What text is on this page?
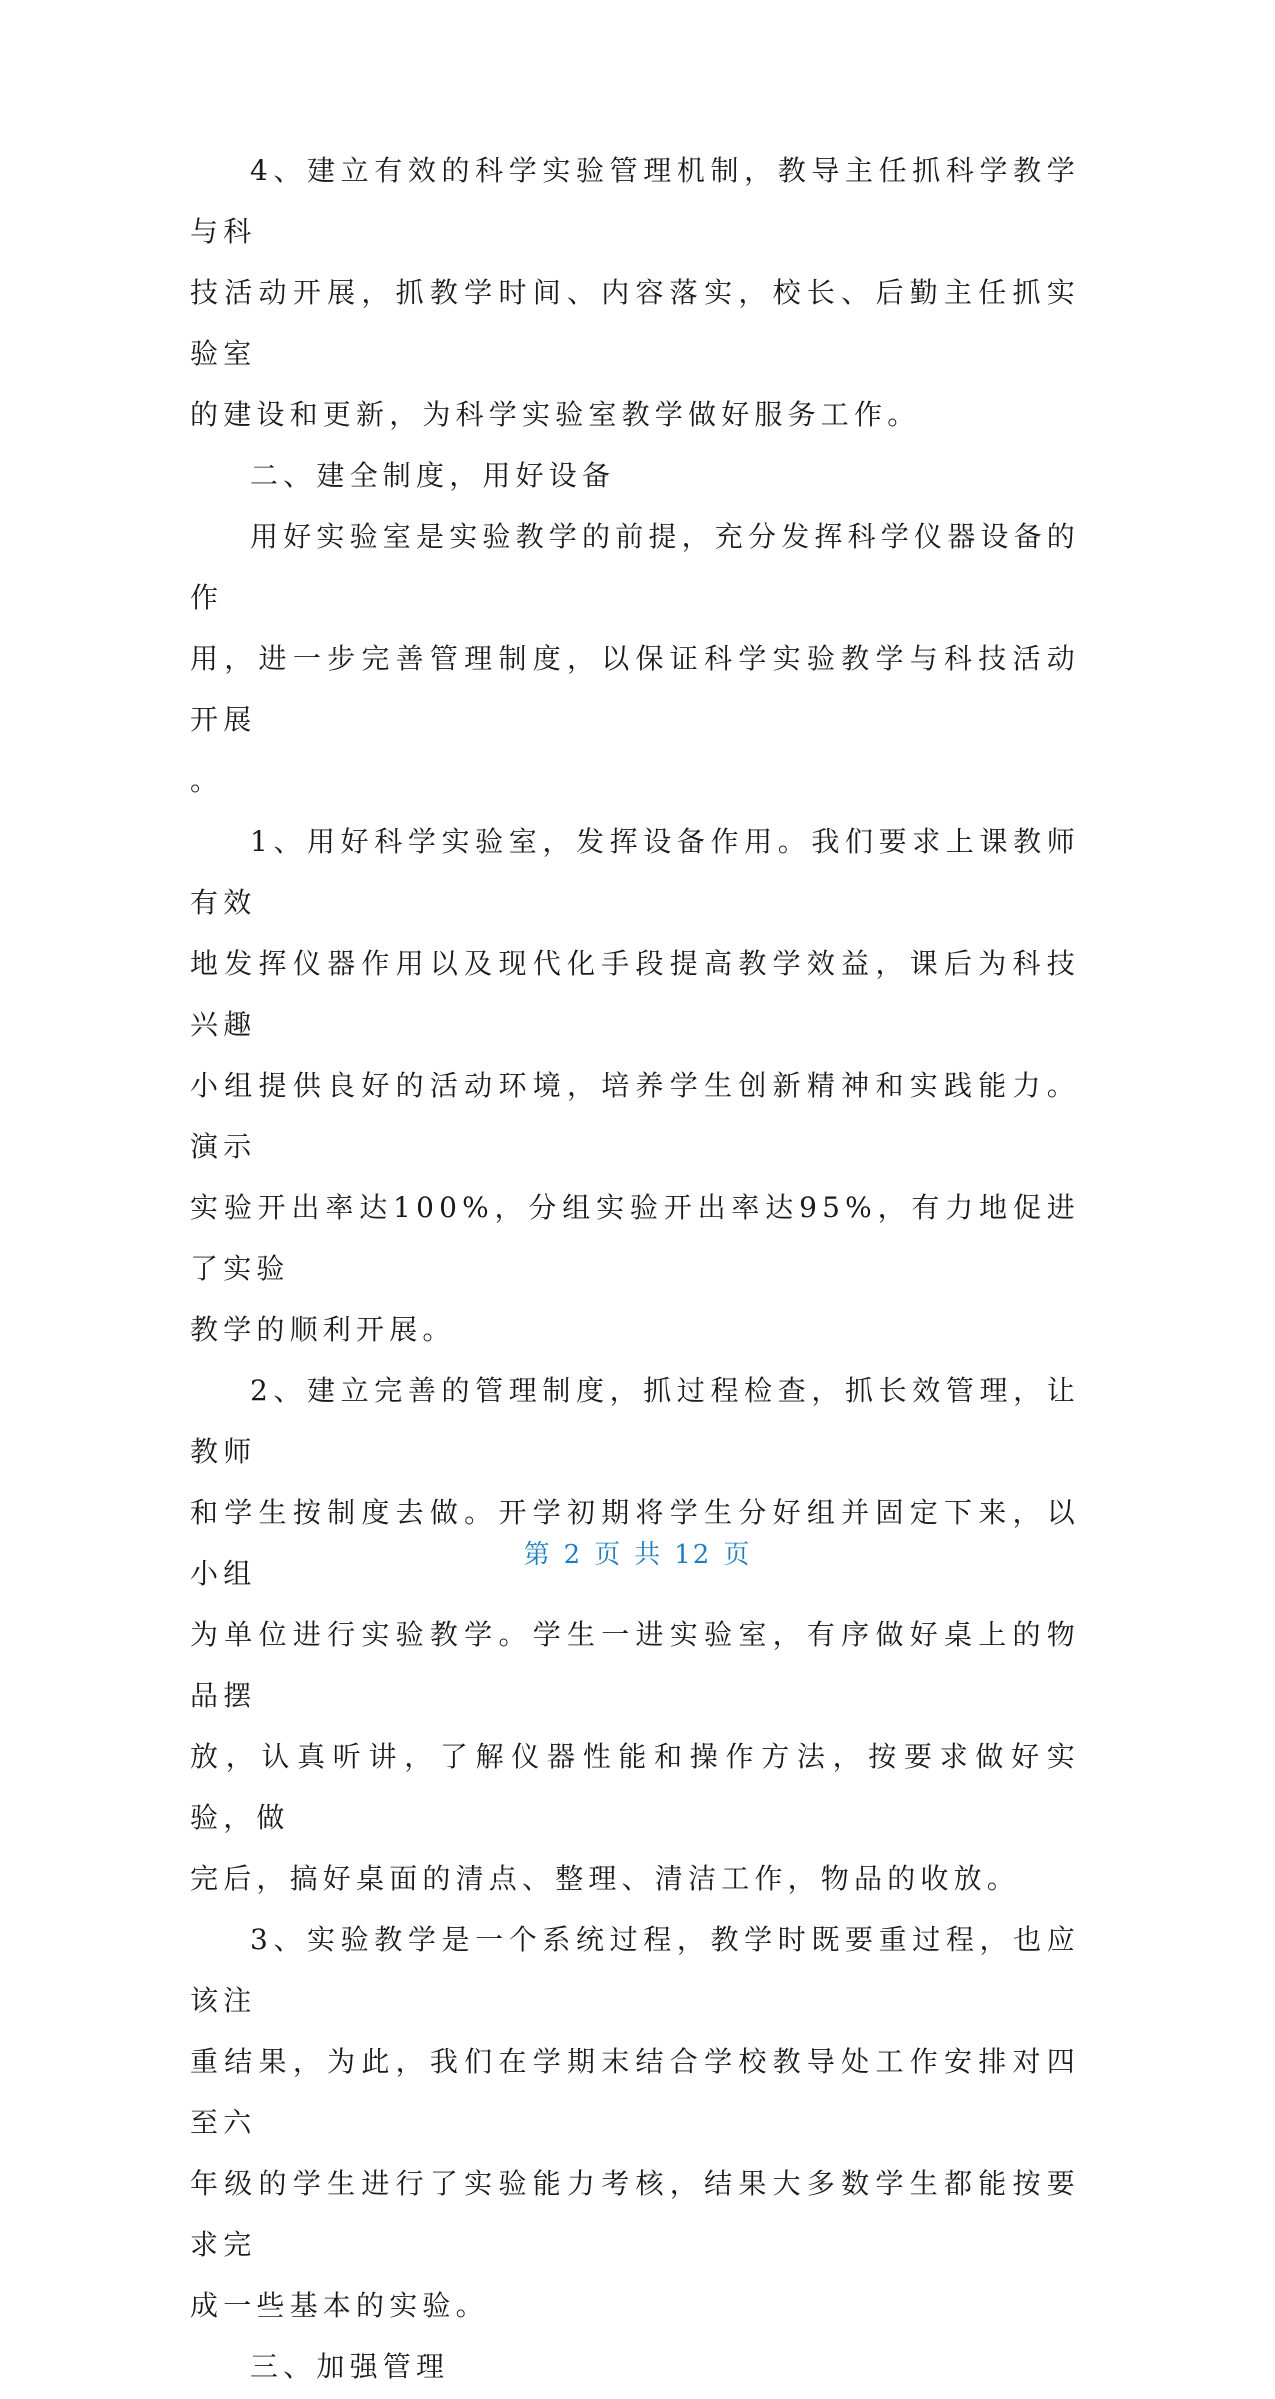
4、建立有效的科学实验管理机制，教导主任抓科学教学与科
技活动开展，抓教学时间、内容落实，校长、后勤主任抓实验室
的建设和更新，为科学实验室教学做好服务工作。
二、建全制度，用好设备
用好实验室是实验教学的前提，充分发挥科学仪器设备的作
用，进一步完善管理制度，以保证科学实验教学与科技活动开展
。
1、用好科学实验室，发挥设备作用。我们要求上课教师有效
地发挥仪器作用以及现代化手段提高教学效益，课后为科技兴趣
小组提供良好的活动环境，培养学生创新精神和实践能力。演示
实验开出率达100%，分组实验开出率达95%，有力地促进了实验
教学的顺利开展。
2、建立完善的管理制度，抓过程检查，抓长效管理，让教师
和学生按制度去做。开学初期将学生分好组并固定下来，以小组
为单位进行实验教学。学生一进实验室，有序做好桌上的物品摆
放，认真听讲，了解仪器性能和操作方法，按要求做好实验，做
完后，搞好桌面的清点、整理、清洁工作，物品的收放。
3、实验教学是一个系统过程，教学时既要重过程，也应该注
重结果，为此，我们在学期末结合学校教导处工作安排对四至六
年级的学生进行了实验能力考核，结果大多数学生都能按要求完
成一些基本的实验。
三、加强管理

第 2 页 共 12 页
